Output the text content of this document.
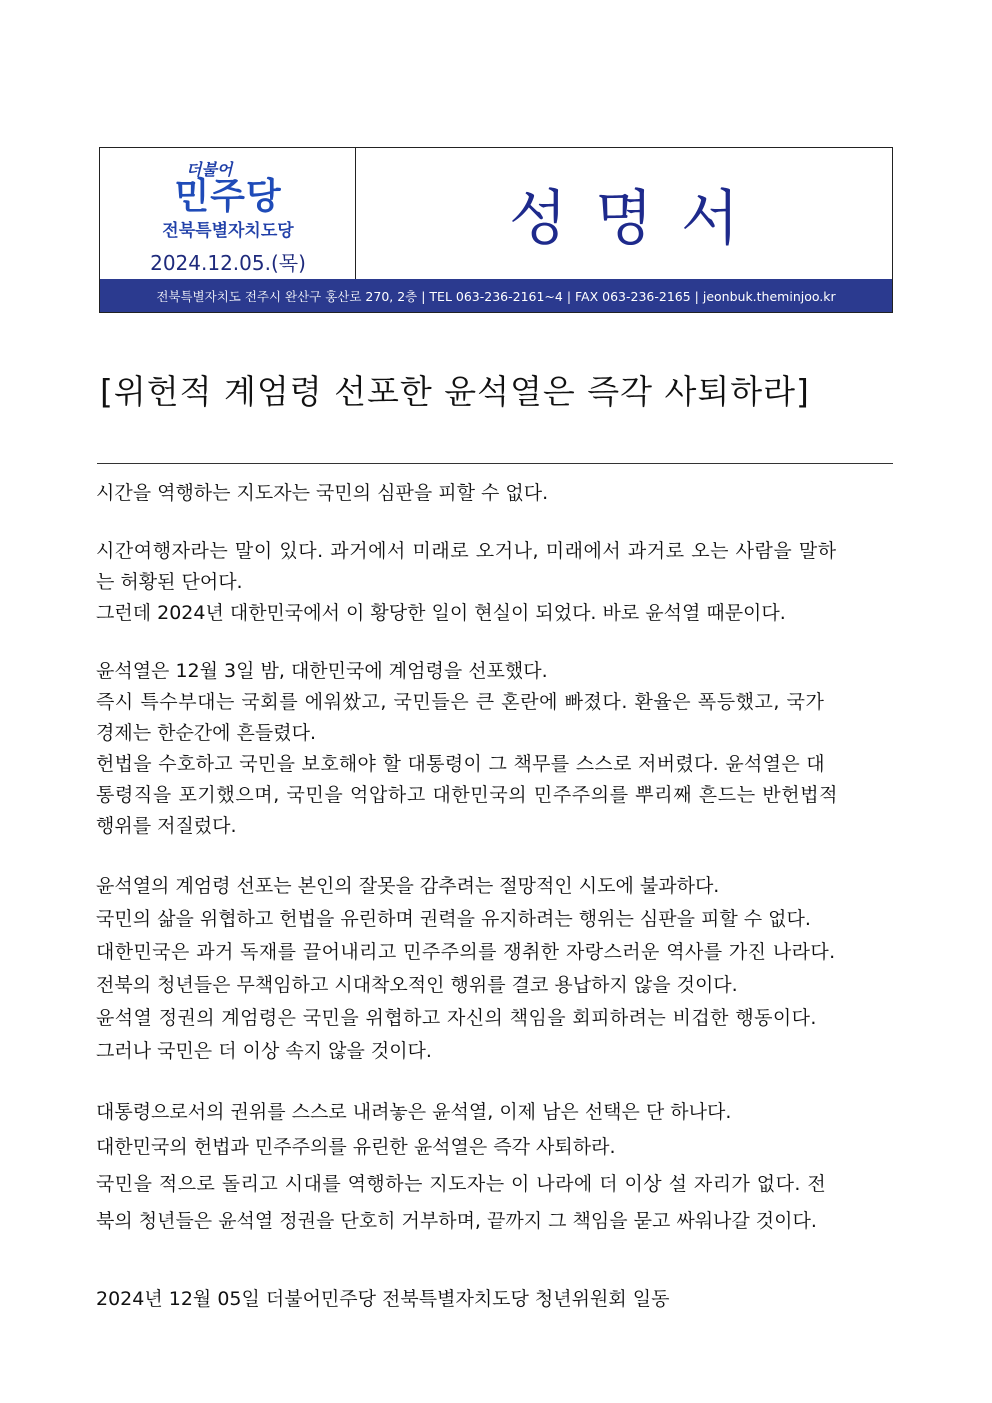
더불어
민주당
전북특별자치도당
2024.12.05.(목)
성명서
전북특별자치도 전주시 완산구 홍산로 270, 2층 | TEL 063-236-2161~4 | FAX 063-236-2165 | jeonbuk.theminjoo.kr
[위헌적 계엄령 선포한 윤석열은 즉각 사퇴하라]
시간을 역행하는 지도자는 국민의 심판을 피할 수 없다.
시간여행자라는 말이 있다. 과거에서 미래로 오거나, 미래에서 과거로 오는 사람을 말하
는 허황된 단어다.
그런데 2024년 대한민국에서 이 황당한 일이 현실이 되었다. 바로 윤석열 때문이다.
윤석열은 12월 3일 밤, 대한민국에 계엄령을 선포했다.
즉시 특수부대는 국회를 에워쌌고, 국민들은 큰 혼란에 빠졌다. 환율은 폭등했고, 국가
경제는 한순간에 흔들렸다.
헌법을 수호하고 국민을 보호해야 할 대통령이 그 책무를 스스로 저버렸다. 윤석열은 대
통령직을 포기했으며, 국민을 억압하고 대한민국의 민주주의를 뿌리째 흔드는 반헌법적
행위를 저질렀다.
윤석열의 계엄령 선포는 본인의 잘못을 감추려는 절망적인 시도에 불과하다.
국민의 삶을 위협하고 헌법을 유린하며 권력을 유지하려는 행위는 심판을 피할 수 없다.
대한민국은 과거 독재를 끌어내리고 민주주의를 쟁취한 자랑스러운 역사를 가진 나라다.
전북의 청년들은 무책임하고 시대착오적인 행위를 결코 용납하지 않을 것이다.
윤석열 정권의 계엄령은 국민을 위협하고 자신의 책임을 회피하려는 비겁한 행동이다.
그러나 국민은 더 이상 속지 않을 것이다.
대통령으로서의 권위를 스스로 내려놓은 윤석열, 이제 남은 선택은 단 하나다.
대한민국의 헌법과 민주주의를 유린한 윤석열은 즉각 사퇴하라.
국민을 적으로 돌리고 시대를 역행하는 지도자는 이 나라에 더 이상 설 자리가 없다. 전
북의 청년들은 윤석열 정권을 단호히 거부하며, 끝까지 그 책임을 묻고 싸워나갈 것이다.
2024년 12월 05일 더불어민주당 전북특별자치도당 청년위원회 일동
